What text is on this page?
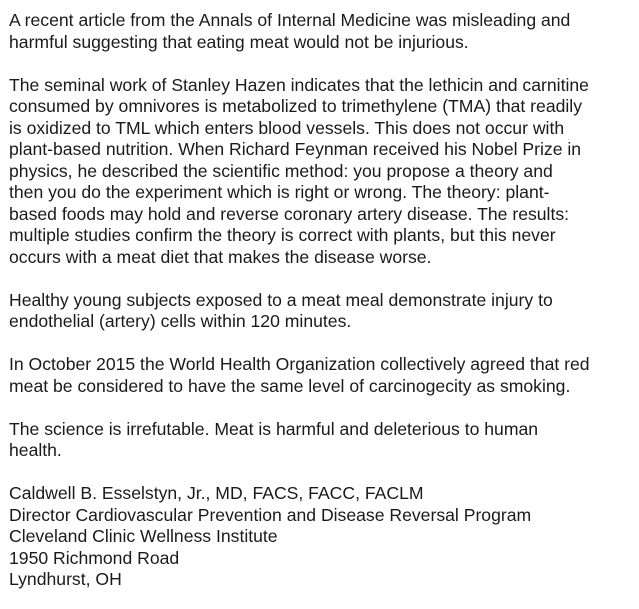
A recent article from the Annals of Internal Medicine was misleading and
harmful suggesting that eating meat would not be injurious.

The seminal work of Stanley Hazen indicates that the lethicin and carnitine
consumed by omnivores is metabolized to trimethylene (TMA) that readily
is oxidized to TML which enters blood vessels. This does not occur with
plant-based nutrition. When Richard Feynman received his Nobel Prize in
physics, he described the scientific method: you propose a theory and
then you do the experiment which is right or wrong. The theory: plant-
based foods may hold and reverse coronary artery disease. The results:
multiple studies confirm the theory is correct with plants, but this never
occurs with a meat diet that makes the disease worse.

Healthy young subjects exposed to a meat meal demonstrate injury to
endothelial (artery) cells within 120 minutes.

In October 2015 the World Health Organization collectively agreed that red
meat be considered to have the same level of carcinogecity as smoking.

The science is irrefutable. Meat is harmful and deleterious to human
health.

Caldwell B. Esselstyn, Jr., MD, FACS, FACC, FACLM
Director Cardiovascular Prevention and Disease Reversal Program
Cleveland Clinic Wellness Institute
1950 Richmond Road
Lyndhurst, OH
